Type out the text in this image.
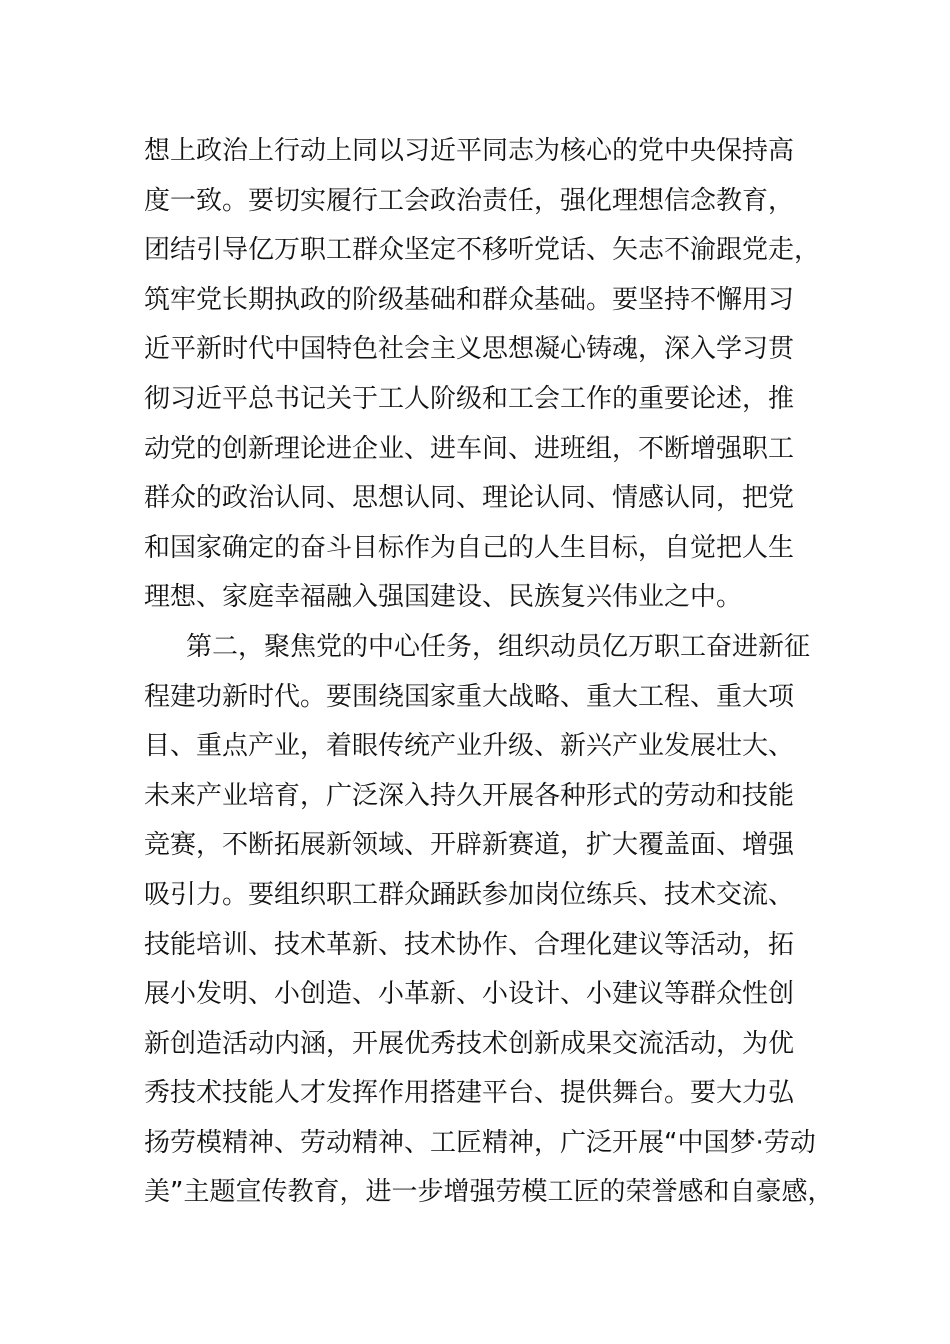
想上政治上行动上同以习近平同志为核心的党中央保持高
度一致。要切实履行工会政治责任，强化理想信念教育，
团结引导亿万职工群众坚定不移听党话、矢志不渝跟党走，
筑牢党长期执政的阶级基础和群众基础。要坚持不懈用习
近平新时代中国特色社会主义思想凝心铸魂，深入学习贯
彻习近平总书记关于工人阶级和工会工作的重要论述，推
动党的创新理论进企业、进车间、进班组，不断增强职工
群众的政治认同、思想认同、理论认同、情感认同，把党
和国家确定的奋斗目标作为自己的人生目标，自觉把人生
理想、家庭幸福融入强国建设、民族复兴伟业之中。
第二，聚焦党的中心任务，组织动员亿万职工奋进新征
程建功新时代。要围绕国家重大战略、重大工程、重大项
目、重点产业，着眼传统产业升级、新兴产业发展壮大、
未来产业培育，广泛深入持久开展各种形式的劳动和技能
竞赛，不断拓展新领域、开辟新赛道，扩大覆盖面、增强
吸引力。要组织职工群众踊跃参加岗位练兵、技术交流、
技能培训、技术革新、技术协作、合理化建议等活动，拓
展小发明、小创造、小革新、小设计、小建议等群众性创
新创造活动内涵，开展优秀技术创新成果交流活动，为优
秀技术技能人才发挥作用搭建平台、提供舞台。要大力弘
扬劳模精神、劳动精神、工匠精神，广泛开展“中国梦·劳动
美”主题宣传教育，进一步增强劳模工匠的荣誉感和自豪感，
